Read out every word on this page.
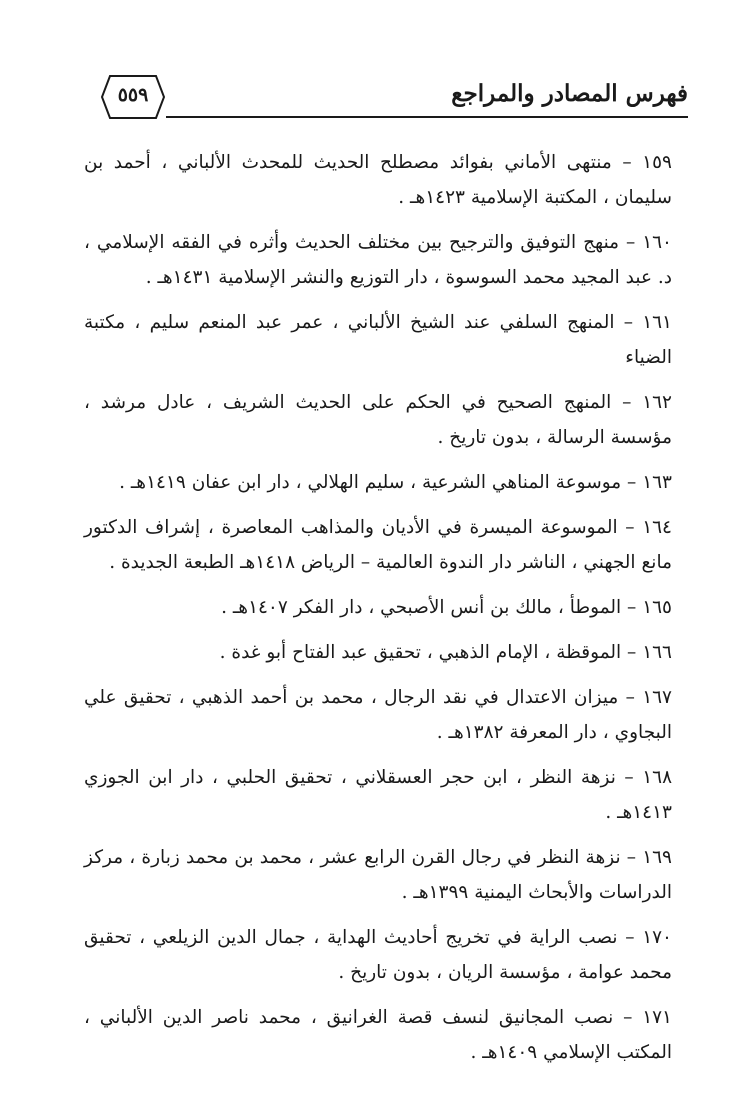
٥٥٩	فهرس المصادر والمراجع
١٥٩ – منتهى الأماني بفوائد مصطلح الحديث للمحدث الألباني ، أحمد بن سليمان ، المكتبة الإسلامية ١٤٢٣هـ .
١٦٠ – منهج التوفيق والترجيح بين مختلف الحديث وأثره في الفقه الإسلامي ، د. عبد المجيد محمد السوسوة ، دار التوزيع والنشر الإسلامية ١٤٣١هـ .
١٦١ – المنهج السلفي عند الشيخ الألباني ، عمر عبد المنعم سليم ، مكتبة الضياء
١٦٢ – المنهج الصحيح في الحكم على الحديث الشريف ، عادل مرشد ، مؤسسة الرسالة ، بدون تاريخ .
١٦٣ – موسوعة المناهي الشرعية ، سليم الهلالي ، دار ابن عفان ١٤١٩هـ .
١٦٤ – الموسوعة الميسرة في الأديان والمذاهب المعاصرة ، إشراف الدكتور مانع الجهني ، الناشر دار الندوة العالمية – الرياض ١٤١٨هـ الطبعة الجديدة .
١٦٥ – الموطأ ، مالك بن أنس الأصبحي ، دار الفكر ١٤٠٧هـ .
١٦٦ – الموقظة ، الإمام الذهبي ، تحقيق عبد الفتاح أبو غدة .
١٦٧ – ميزان الاعتدال في نقد الرجال ، محمد بن أحمد الذهبي ، تحقيق علي البجاوي ، دار المعرفة ١٣٨٢هـ .
١٦٨ – نزهة النظر ، ابن حجر العسقلاني ، تحقيق الحلبي ، دار ابن الجوزي ١٤١٣هـ .
١٦٩ – نزهة النظر في رجال القرن الرابع عشر ، محمد بن محمد زبارة ، مركز الدراسات والأبحاث اليمنية ١٣٩٩هـ .
١٧٠ – نصب الراية في تخريج أحاديث الهداية ، جمال الدين الزيلعي ، تحقيق محمد عوامة ، مؤسسة الريان ، بدون تاريخ .
١٧١ – نصب المجانيق لنسف قصة الغرانيق ، محمد ناصر الدين الألباني ، المكتب الإسلامي ١٤٠٩هـ .
